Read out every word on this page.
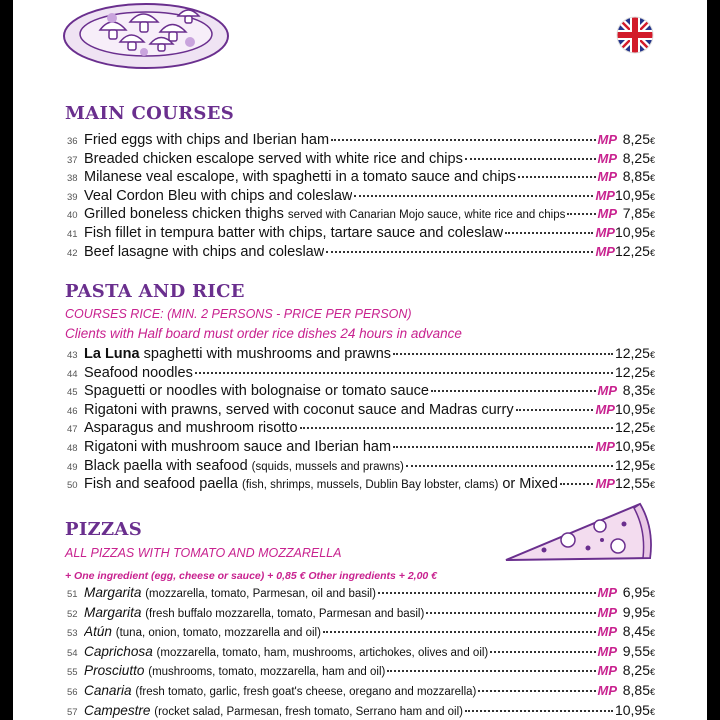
MAIN COURSES
36 Fried eggs with chips and Iberian ham	MP 8,25€
37 Breaded chicken escalope served with white rice and chips	MP 8,25€
38 Milanese veal escalope, with spaghetti in a tomato sauce and chips	MP 8,85€
39 Veal Cordon Bleu with chips and coleslaw	MP 10,95€
40 Grilled boneless chicken thighs served with Canarian Mojo sauce, white rice and chips MP 7,85€
41 Fish fillet in tempura batter with chips, tartare sauce and coleslaw	MP 10,95€
42 Beef lasagne with chips and coleslaw	MP 12,25€
PASTA AND RICE
COURSES RICE: (MIN. 2 PERSONS - PRICE PER PERSON)
Clients with Half board must order rice dishes 24 hours in advance
43 La Luna spaghetti with mushrooms and prawns	12,25€
44 Seafood noodles	12,25€
45 Spaguetti or noodles with bolognaise or tomato sauce	MP 8,35€
46 Rigatoni with prawns, served with coconut sauce and Madras curry	MP 10,95€
47 Asparagus and mushroom risotto	12,25€
48 Rigatoni with mushroom sauce and Iberian ham	MP 10,95€
49 Black paella with seafood (squids, mussels and prawns)	12,95€
50 Fish and seafood paella (fish, shrimps, mussels, Dublin Bay lobster, clams) or Mixed	MP 12,55€
PIZZAS
ALL PIZZAS WITH TOMATO AND MOZZARELLA
+ One ingredient (egg, cheese or sauce) + 0,85 € Other ingredients + 2,00 €
51 Margarita (mozzarella, tomato, Parmesan, oil and basil)	MP 6,95€
52 Margarita (fresh buffalo mozzarella, tomato, Parmesan and basil)	MP 9,95€
53 Atún (tuna, onion, tomato, mozzarella and oil)	MP 8,45€
54 Caprichosa (mozzarella, tomato, ham, mushrooms, artichokes, olives and oil)	MP 9,55€
55 Prosciutto (mushrooms, tomato, mozzarella, ham and oil)	MP 8,25€
56 Canaria (fresh tomato, garlic, fresh goat's cheese, oregano and mozzarella)	MP 8,85€
57 Campestre (rocket salad, Parmesan, fresh tomato, Serrano ham and oil)	10,95€
